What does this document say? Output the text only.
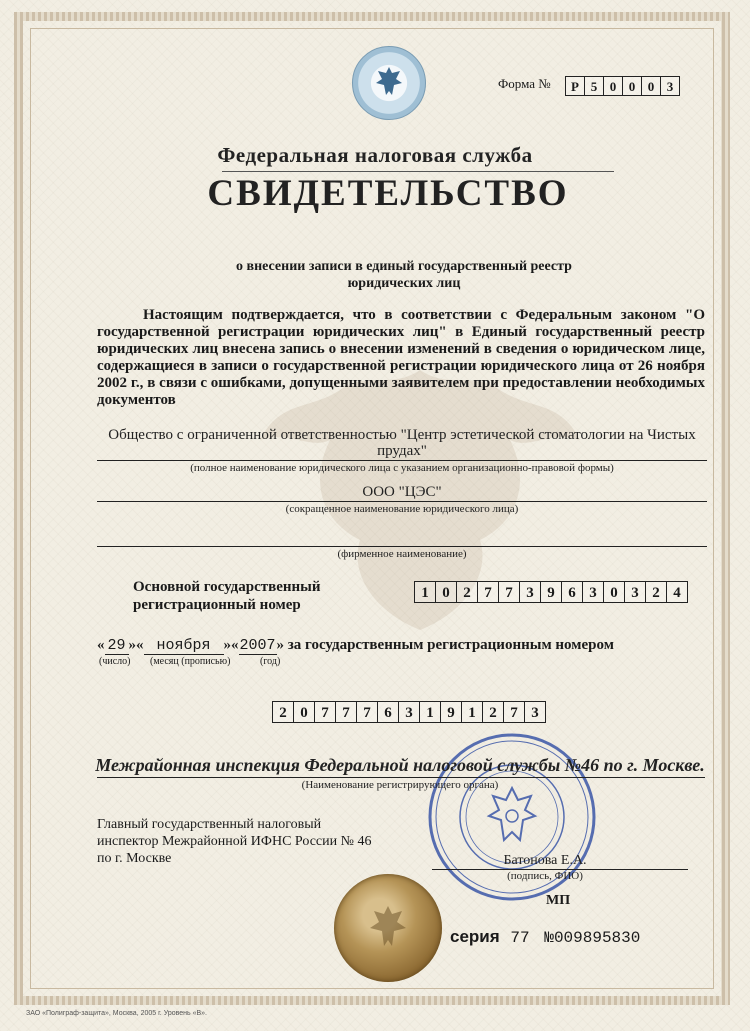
Форма №	Р 5 0 0 0 3
Федеральная налоговая служба
СВИДЕТЕЛЬСТВО
о внесении записи в единый государственный реестр
юридических лиц
Настоящим подтверждается, что в соответствии с Федеральным законом "О государственной регистрации юридических лиц" в Единый государственный реестр юридических лиц внесена запись о внесении изменений в сведения о юридическом лице, содержащиеся в записи о государственной регистрации юридического лица от 26 ноября 2002 г., в связи с ошибками, допущенными заявителем при предоставлении необходимых документов
Общество с ограниченной ответственностью "Центр эстетической стоматологии на Чистых
прудах"
(полное наименование юридического лица с указанием организационно-правовой формы)
ООО "ЦЭС"
(сокращенное наименование юридического лица)
(фирменное наименование)
Основной государственный
регистрационный номер
1 0 2 7 7 3 9 6 3 0 3 2 4
« 29 »« ноября »«2007» за государственным регистрационным номером
(число) (месяц (прописью)	(год)
2 0 7 7 7 6 3 1 9 1 2 7 3
Межрайонная инспекция Федеральной налоговой службы №46 по г. Москве.
(Наименование регистрирующего органа)
Главный государственный налоговый
инспектор Межрайонной ИФНС России № 46
по г. Москве	Батонова Е.А.
(подпись, ФИО)
МП
серия 77 №009895830
ЗАО «Полиграф-защита», Москва, 2005 г. Уровень «В».
